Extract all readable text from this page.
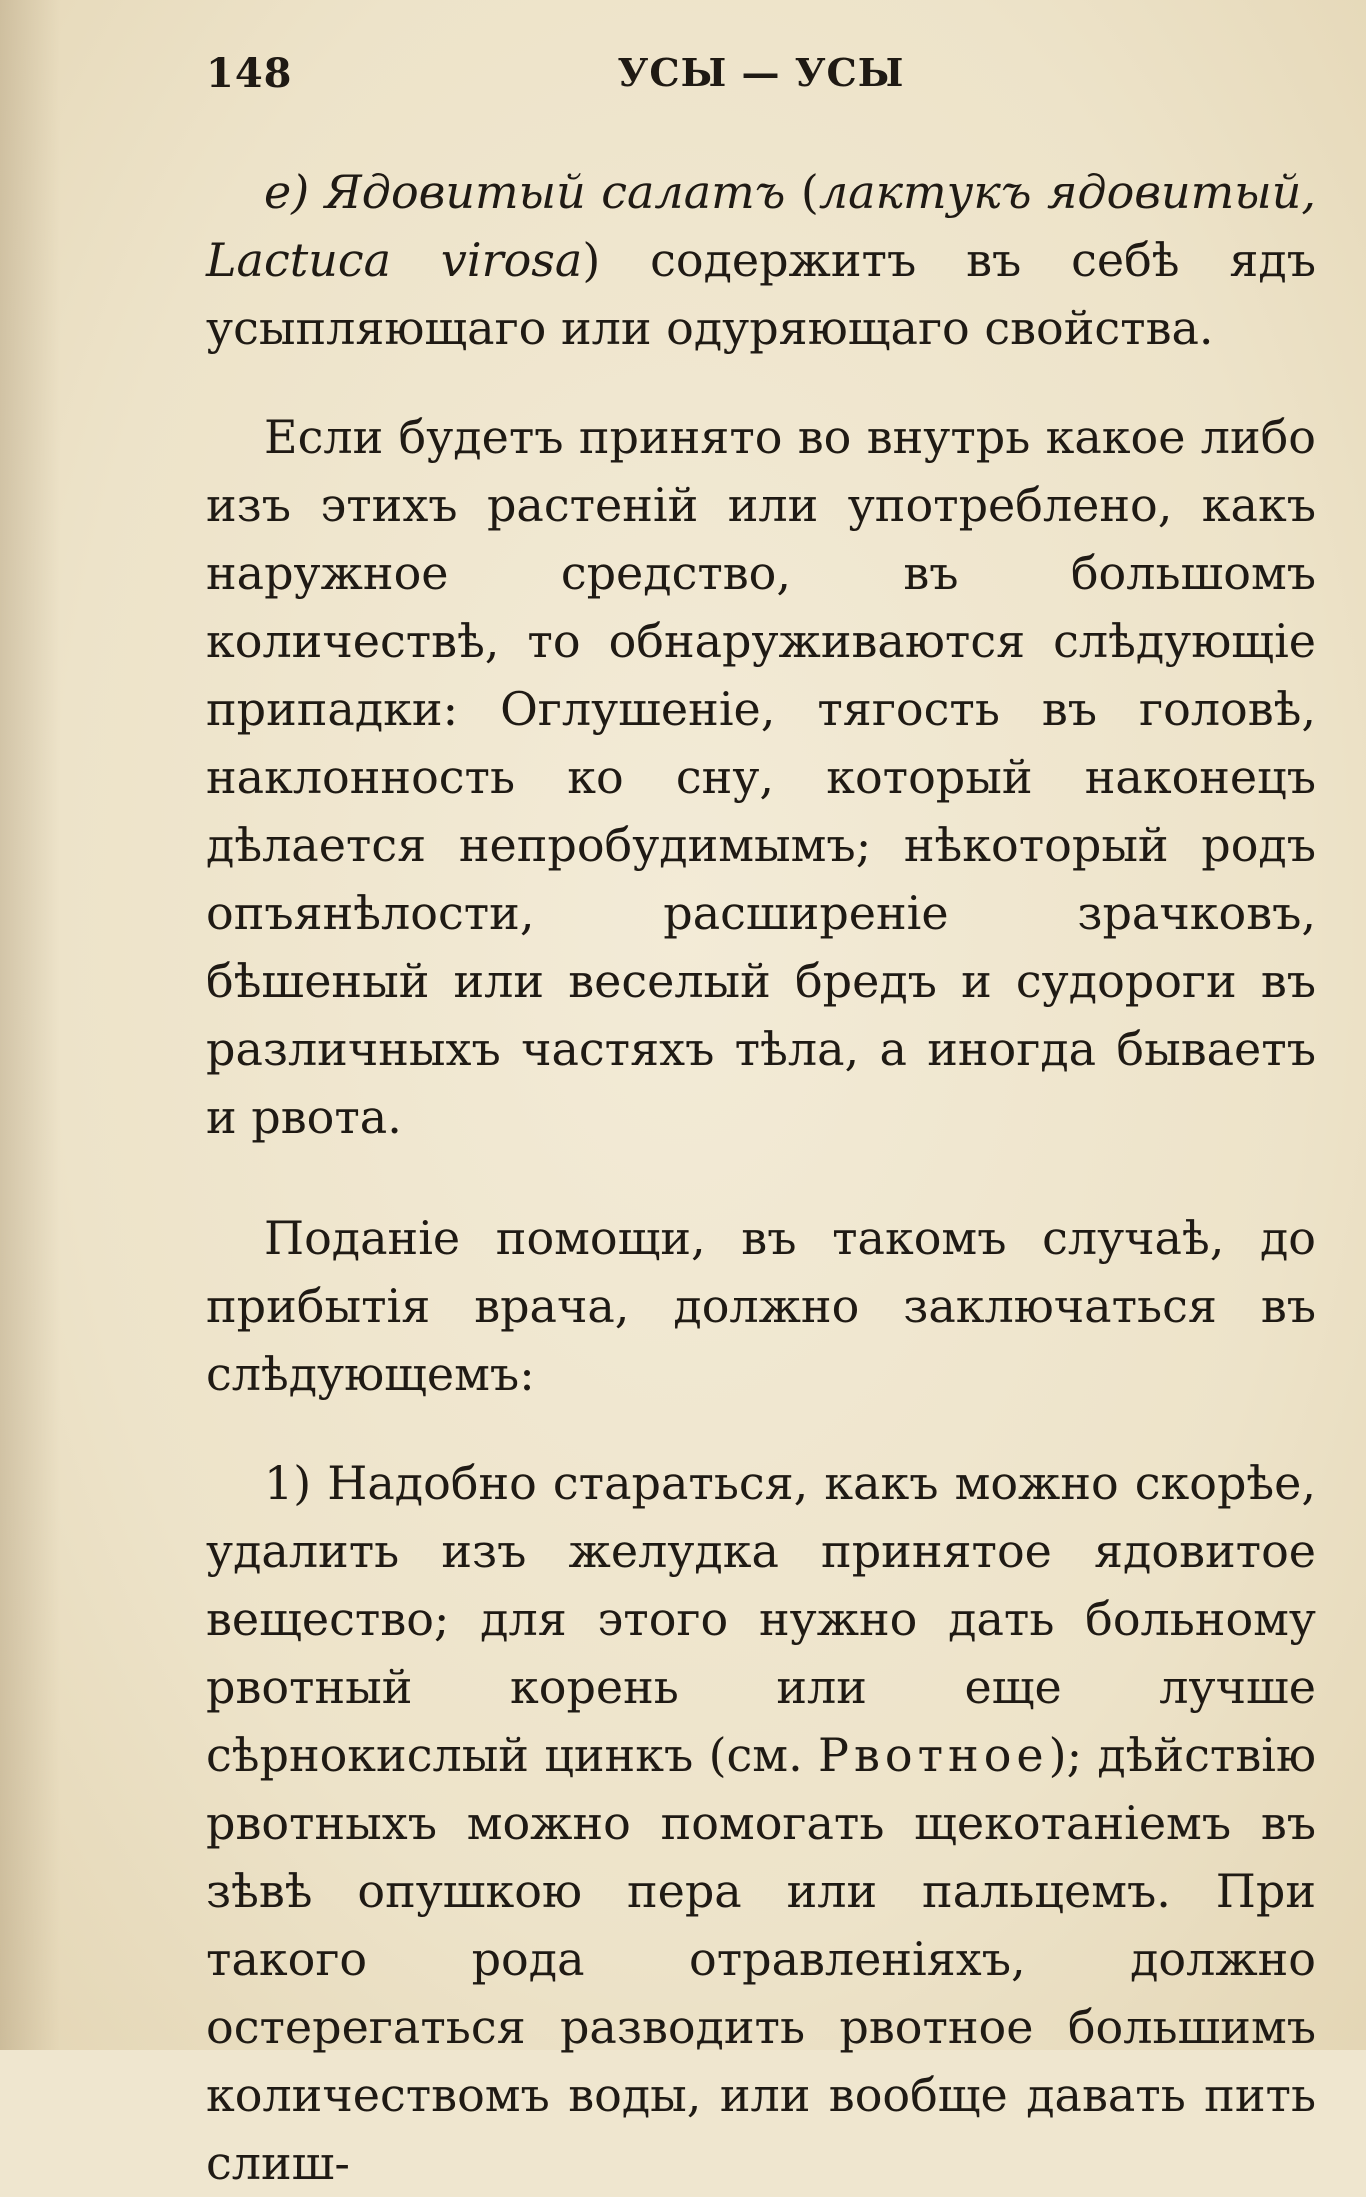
148	УСЫ — УСЫ

e) Ядовитый салатъ (лактукъ ядовитый, Lactuca virosa) содержитъ въ себѣ ядъ усыпляющаго или одуряющаго свойства.

Если будетъ принято во внутрь какое либо изъ этихъ растеній или употреблено, какъ наружное средство, въ большомъ количествѣ, то обнаруживаются слѣдующіе припадки: Оглушеніе, тягость въ головѣ, наклонность ко сну, который наконецъ дѣлается непробудимымъ; нѣкоторый родъ опъянѣлости, расширеніе зрачковъ, бѣшеный или веселый бредъ и судороги въ различныхъ частяхъ тѣла, а иногда бываетъ и рвота.

Поданіе помощи, въ такомъ случаѣ, до прибытія врача, должно заключаться въ слѣдующемъ:

1) Надобно стараться, какъ можно скорѣе, удалить изъ желудка принятое ядовитое вещество; для этого нужно дать больному рвотный корень или еще лучше сѣрнокислый цинкъ (см. Рвотное); дѣйствію рвотныхъ можно помогать щекотаніемъ въ зѣвѣ опушкою пера или пальцемъ. При такого рода отравленіяхъ, должно остерегаться разводить рвотное большимъ количествомъ воды, или вообще давать пить слиш-
